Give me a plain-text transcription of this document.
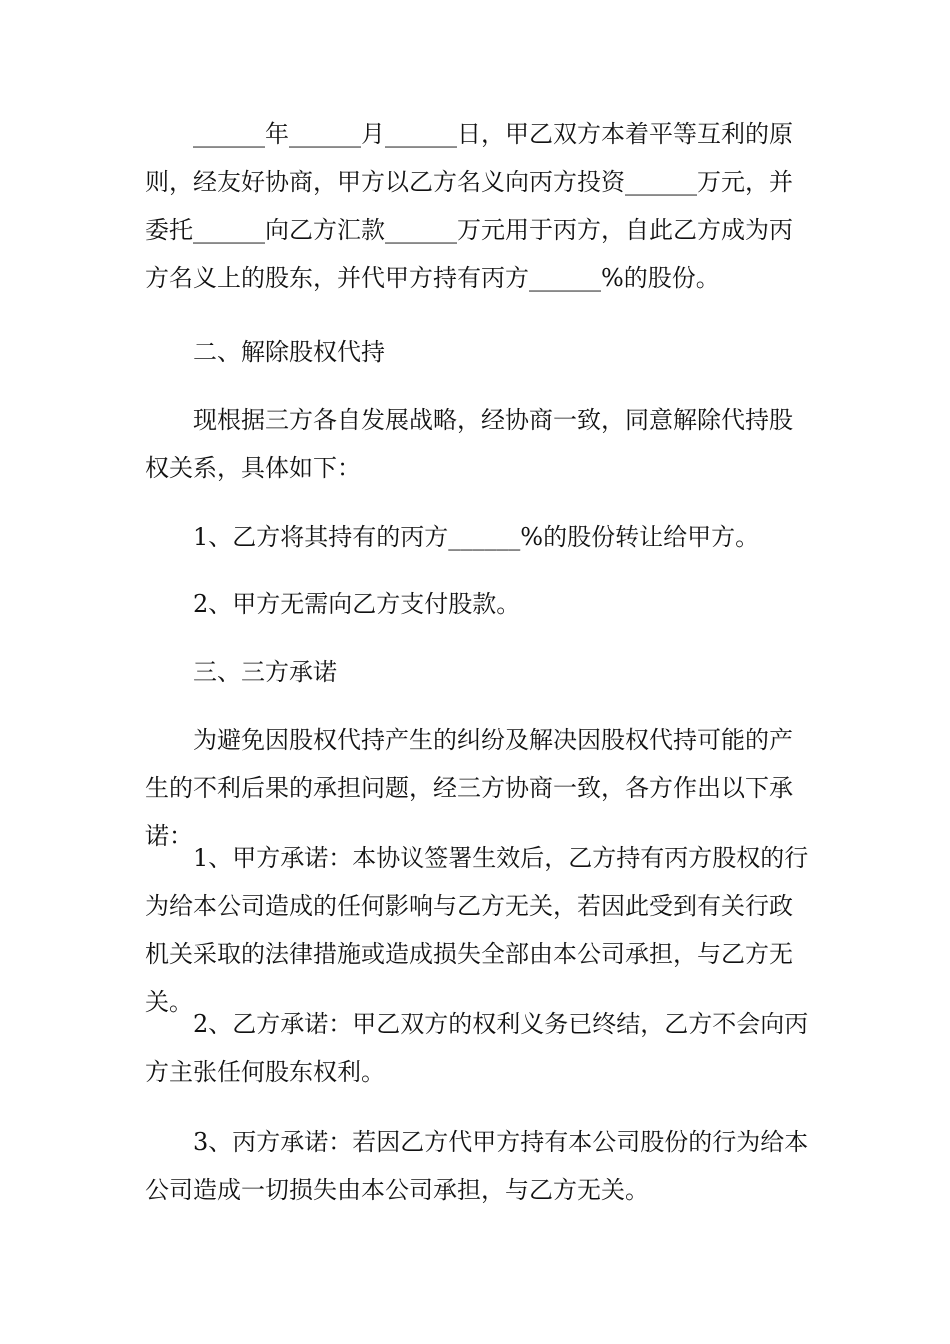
______年______月______日，甲乙双方本着平等互利的原则，经友好协商，甲方以乙方名义向丙方投资______万元，并委托______向乙方汇款______万元用于丙方，自此乙方成为丙方名义上的股东，并代甲方持有丙方______%的股份。

二、解除股权代持

现根据三方各自发展战略，经协商一致，同意解除代持股权关系，具体如下：

1、乙方将其持有的丙方______%的股份转让给甲方。

2、甲方无需向乙方支付股款。

三、三方承诺

为避免因股权代持产生的纠纷及解决因股权代持可能的产生的不利后果的承担问题，经三方协商一致，各方作出以下承诺：

1、甲方承诺：本协议签署生效后，乙方持有丙方股权的行为给本公司造成的任何影响与乙方无关，若因此受到有关行政机关采取的法律措施或造成损失全部由本公司承担，与乙方无关。

2、乙方承诺：甲乙双方的权利义务已终结，乙方不会向丙方主张任何股东权利。

3、丙方承诺：若因乙方代甲方持有本公司股份的行为给本公司造成一切损失由本公司承担，与乙方无关。
